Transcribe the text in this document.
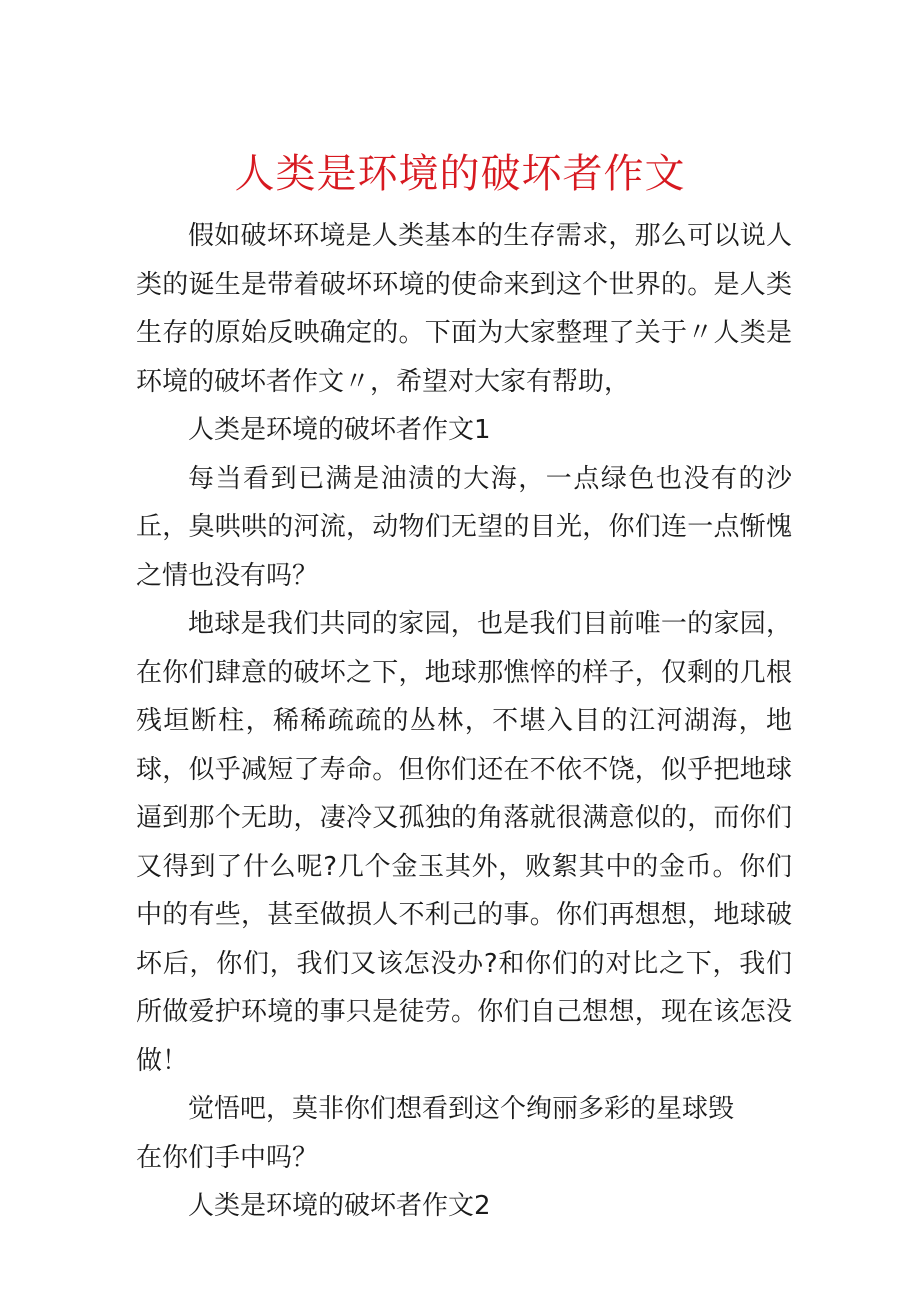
人类是环境的破坏者作文

假如破坏环境是人类基本的生存需求，那么可以说人类的诞生是带着破坏环境的使命来到这个世界的。是人类生存的原始反映确定的。下面为大家整理了关于〃人类是环境的破坏者作文〃，希望对大家有帮助，

人类是环境的破坏者作文1

每当看到已满是油渍的大海，一点绿色也没有的沙丘，臭哄哄的河流，动物们无望的目光，你们连一点惭愧之情也没有吗？

地球是我们共同的家园，也是我们目前唯一的家园，在你们肆意的破坏之下，地球那憔悴的样子，仅剩的几根残垣断柱，稀稀疏疏的丛林，不堪入目的江河湖海，地球，似乎减短了寿命。但你们还在不依不饶，似乎把地球逼到那个无助，凄冷又孤独的角落就很满意似的，而你们又得到了什么呢?几个金玉其外，败絮其中的金币。你们中的有些，甚至做损人不利己的事。你们再想想，地球破坏后，你们，我们又该怎没办?和你们的对比之下，我们所做爱护环境的事只是徒劳。你们自己想想，现在该怎没做！

觉悟吧，莫非你们想看到这个绚丽多彩的星球毁

在你们手中吗？

人类是环境的破坏者作文2
